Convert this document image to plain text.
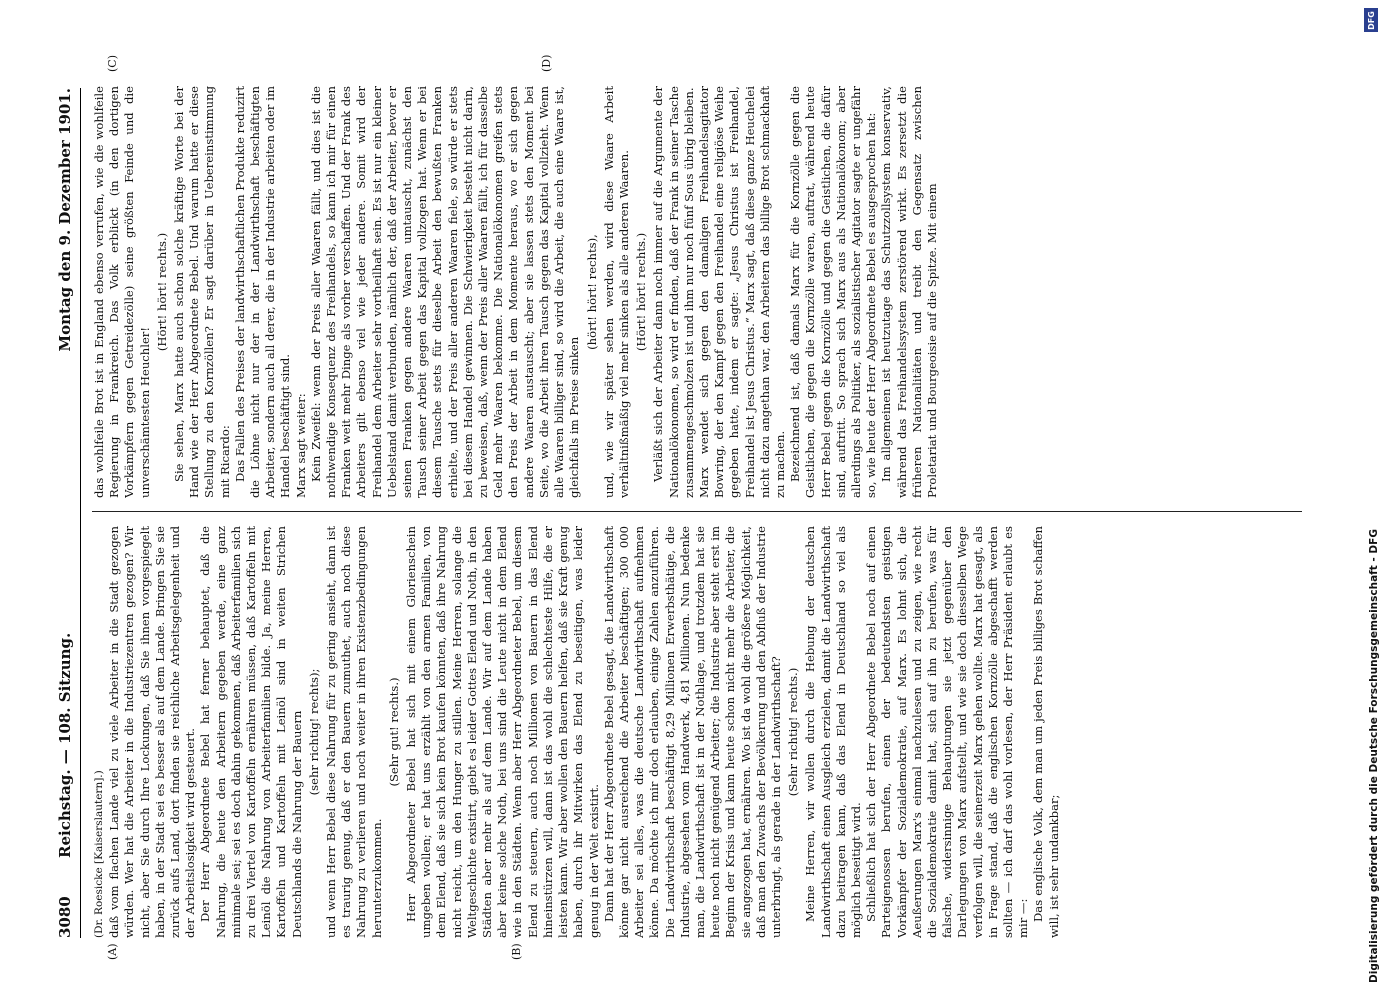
3080
Reichstag. — 108. Sitzung.
Montag den 9. Dezember 1901.
(A)	(B)
(C)	(D)

(Dr. Roesicke [Kaiserslautern].) daß vom flachen Lande viel zu viele Arbeiter in die Stadt gezogen würden. Wer hat die Arbeiter in die Industriezentren gezogen? Wir nicht, aber Sie durch Ihre Lockungen, daß Sie ihnen vorgespiegelt haben, in der Stadt sei es besser als auf dem Lande. Bringen Sie sie zurück aufs Land, dort finden sie reichliche Arbeitsgelegenheit und der Arbeitslosigkeit wird gesteuert. Der Herr Abgeordnete Bebel hat ferner behauptet, daß die Nahrung, die heute den Arbeitern gegeben werde, eine ganz minimale sei; sei es doch dahin gekommen, daß Arbeiterfamilien sich zu drei Viertel von Kartoffeln ernähren müssen, daß Kartoffeln mit Leinöl die Nahrung von Arbeiterfamilien bilde. Ja, meine Herren, Kartoffeln und Kartoffeln mit Leinöl sind in weiten Strichen Deutschlands die Nahrung der Bauern (sehr richtig! rechts); und wenn Herr Bebel diese Nahrung für zu gering ansieht, dann ist es traurig genug, daß er den Bauern zumuthet, auch noch diese Nahrung zu verlieren und noch weiter in ihren Existenzbedingungen herunterzukommen.

(Sehr gut! rechts.) Herr Abgeordneter Bebel hat sich mit einem Glorienschein umgeben wollen; er hat uns erzählt von den armen Familien, von dem Elend, daß sie sich kein Brot kaufen könnten, daß ihre Nahrung nicht reicht, um den Hunger zu stillen. Meine Herren, solange die Weltgeschichte existirt, giebt es leider Gottes Elend und Noth, in den Städten aber mehr als auf dem Lande. Wir auf dem Lande haben aber keine solche Noth, bei uns sind die Leute nicht in dem Elend wie in den Städten. Wenn aber Herr Abgeordneter Bebel, um diesem Elend zu steuern, auch noch Millionen von Bauern in das Elend hineinstürzen will, dann ist das wohl die schlechteste Hilfe, die er leisten kann. Wir aber wollen den Bauern helfen, daß sie Kraft genug haben, durch ihr Mitwirken das Elend zu beseitigen, was leider genug in der Welt existirt. Dann hat der Herr Abgeordnete Bebel gesagt, die Landwirthschaft könne gar nicht ausreichend die Arbeiter beschäftigen; 300 000 Arbeiter sei alles, was die deutsche Landwirthschaft aufnehmen könne. Da möchte ich mir doch erlauben, einige Zahlen anzuführen. Die Landwirthschaft beschäftigt 8,29 Millionen Erwerbsthätige, die Industrie, abgesehen vom Handwerk, 4,81 Millionen. Nun bedenke man, die Landwirthschaft ist in der Nothlage, und trotzdem hat sie heute noch nicht genügend Arbeiter; die Industrie aber steht erst im Beginn der Krisis und kann heute schon nicht mehr die Arbeiter, die sie angezogen hat, ernähren. Wo ist da wohl die größere Möglichkeit, daß man den Zuwachs der Bevölkerung und den Abfluß der Industrie unterbringt, als gerade in der Landwirthschaft? (Sehr richtig! rechts.) Meine Herren, wir wollen durch die Hebung der deutschen Landwirthschaft einen Ausgleich erzielen, damit die Landwirthschaft dazu beitragen kann, daß das Elend in Deutschland so viel als möglich beseitigt wird. Schließlich hat sich der Herr Abgeordnete Bebel noch auf einen Parteigenossen berufen, einen der bedeutendsten geistigen Vorkämpfer der Sozialdemokratie, auf Marx. Es lohnt sich, die Aeußerungen Marx's einmal nachzulesen und zu zeigen, wie recht die Sozialdemokratie damit hat, sich auf ihn zu berufen, was für falsche, widersinnige Behauptungen sie jetzt gegenüber den Darlegungen von Marx aufstellt, und wie sie doch diesselben Wege verfolgen will, die seinerzeit Marx gehen wollte. Marx hat gesagt, als in Frage stand, daß die englischen Kornzölle abgeschafft werden sollten — ich darf das wohl vorlesen, der Herr Präsident erlaubt es mir —: Das englische Volk, dem man um jeden Preis billiges Brot schaffen will, ist sehr undankbar;

das wohlfeile Brot ist in England ebenso verrufen, wie die wohlfeile Regierung in Frankreich. Das Volk erblickt (in den dortigen Vorkämpfern gegen Getreidezölle) seine größten Feinde und die unverschämtesten Heuchler!

(Hört! hört! rechts.) Sie sehen, Marx hatte auch schon solche kräftige Worte bei der Hand wie der Herr Abgeordnete Bebel. Und warum hatte er diese Stellung zu den Kornzöllen? Er sagt darüber in Uebereinstimmung mit Ricardo: Das Fallen des Preises der landwirthschaftlichen Produkte reduzirt die Löhne nicht nur der in der Landwirthschaft beschäftigten Arbeiter, sondern auch all derer, die in der Industrie arbeiten oder im Handel beschäftigt sind. Marx sagt weiter: Kein Zweifel: wenn der Preis aller Waaren fällt, und dies ist die nothwendige Konsequenz des Freihandels, so kann ich mir für einen Franken weit mehr Dinge als vorher verschaffen. Und der Frank des Arbeiters gilt ebenso viel wie jeder andere. Somit wird der Freihandel dem Arbeiter sehr vortheilhaft sein. Es ist nur ein kleiner Uebelstand damit verbunden, nämlich der, daß der Arbeiter, bevor er seinen Franken gegen andere Waaren umtauscht, zunächst den Tausch seiner Arbeit gegen das Kapital vollzogen hat. Wenn er bei diesem Tausche stets für dieselbe Arbeit den bewußten Franken erhielte, und der Preis aller anderen Waaren fiele, so würde er stets bei diesem Handel gewinnen. Die Schwierigkeit besteht nicht darin, zu beweisen, daß, wenn der Preis aller Waaren fällt, ich für dasselbe Geld mehr Waaren bekomme. Die Nationalökonomen greifen stets den Preis der Arbeit in dem Momente heraus, wo er sich gegen andere Waaren austauscht; aber sie lassen stets den Moment bei Seite, wo die Arbeit ihren Tausch gegen das Kapital vollzieht. Wenn alle Waaren billiger sind, so wird die Arbeit, die auch eine Waare ist, gleichfalls im Preise sinken

(hört! hört! rechts), und, wie wir später sehen werden, wird diese Waare Arbeit verhältnißmäßig viel mehr sinken als alle anderen Waaren. (Hört! hört! rechts.) Verläßt sich der Arbeiter dann noch immer auf die Argumente der Nationalökonomen, so wird er finden, daß der Frank in seiner Tasche zusammengeschmolzen ist und ihm nur noch fünf Sous übrig bleiben. Marx wendet sich gegen den damaligen Freihandelsagitator Bowring, der den Kampf gegen den Freihandel eine religiöse Weihe gegeben hatte, indem er sagte: „Jesus Christus ist Freihandel, Freihandel ist Jesus Christus.“ Marx sagt, daß diese ganze Heuchelei nicht dazu angethan war, den Arbeitern das billige Brot schmackhaft zu machen. Bezeichnend ist, daß damals Marx für die Kornzölle gegen die Geistlichen, die gegen die Kornzölle waren, auftrat, während heute Herr Bebel gegen die Kornzölle und gegen die Geistlichen, die dafür sind, auftritt. So sprach sich Marx aus als Nationalökonom; aber allerdings als Politiker, als sozialistischer Agitator sagte er ungefähr so, wie heute der Herr Abgeordnete Bebel es ausgesprochen hat: Im allgemeinen ist heutzutage das Schutzzollsystem konservativ, während das Freihandelssystem zerstörend wirkt. Es zersetzt die früheren Nationalitäten und treibt den Gegensatz zwischen Proletariat und Bourgeoisie auf die Spitze. Mit einem

DFG
Digitalisierung gefördert durch die Deutsche Forschungsgemeinschaft - DFG
